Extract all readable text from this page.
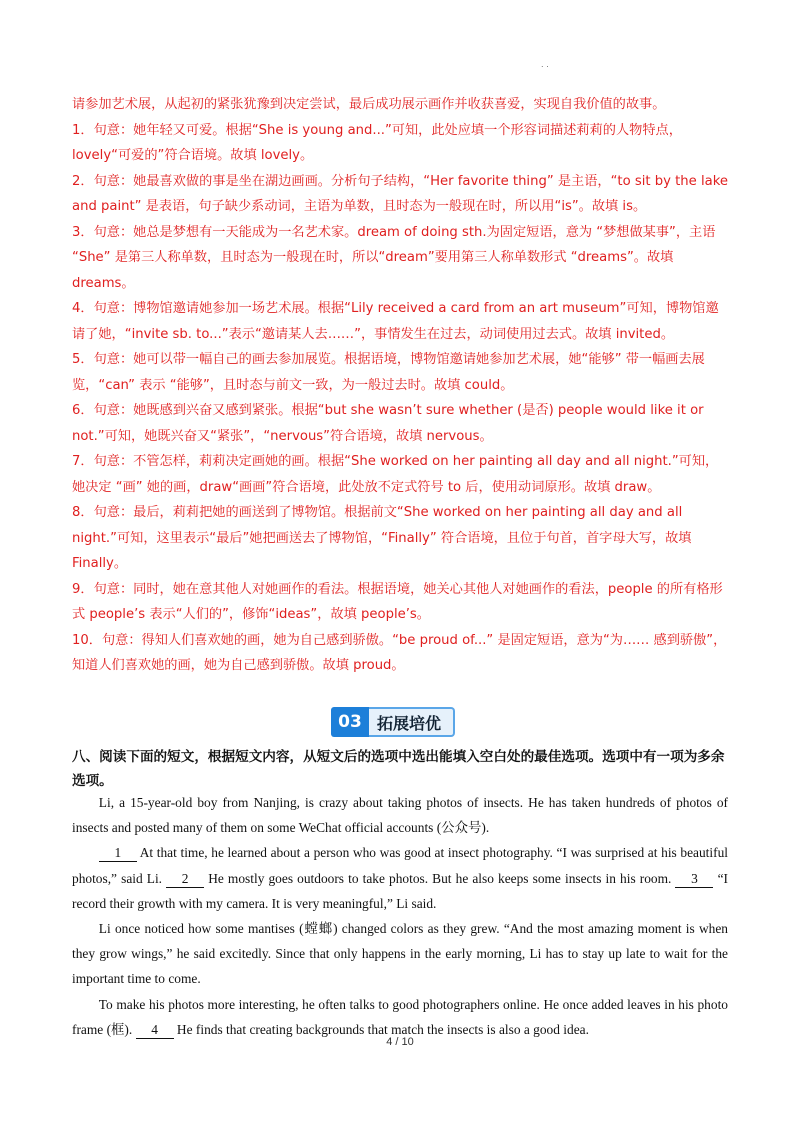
. .

请参加艺术展，从起初的紧张犹豫到决定尝试，最后成功展示画作并收获喜爱，实现自我价值的故事。

1．句意：她年轻又可爱。根据“She is young and...”可知，此处应填一个形容词描述莉莉的人物特点，lovely“可爱的”符合语境。故填 lovely。

2．句意：她最喜欢做的事是坐在湖边画画。分析句子结构，“Her favorite thing” 是主语，“to sit by the lake and paint” 是表语，句子缺少系动词，主语为单数，且时态为一般现在时，所以用“is”。故填 is。

3．句意：她总是梦想有一天能成为一名艺术家。dream of doing sth.为固定短语，意为 “梦想做某事”，主语 “She” 是第三人称单数，且时态为一般现在时，所以“dream”要用第三人称单数形式 “dreams”。故填 dreams。

4．句意：博物馆邀请她参加一场艺术展。根据“Lily received a card from an art museum”可知，博物馆邀请了她，“invite sb. to...”表示“邀请某人去……”，事情发生在过去，动词使用过去式。故填 invited。

5．句意：她可以带一幅自己的画去参加展览。根据语境，博物馆邀请她参加艺术展，她“能够” 带一幅画去展览，“can” 表示 “能够”，且时态与前文一致，为一般过去时。故填 could。

6．句意：她既感到兴奋又感到紧张。根据“but she wasn’t sure whether (是否) people would like it or not.”可知，她既兴奋又“紧张”，“nervous”符合语境，故填 nervous。

7．句意：不管怎样，莉莉决定画她的画。根据“She worked on her painting all day and all night.”可知，她决定 “画” 她的画，draw“画画”符合语境，此处放不定式符号 to 后，使用动词原形。故填 draw。

8．句意：最后，莉莉把她的画送到了博物馆。根据前文“She worked on her painting all day and all night.”可知，这里表示“最后”她把画送去了博物馆，“Finally” 符合语境，且位于句首，首字母大写，故填 Finally。

9．句意：同时，她在意其他人对她画作的看法。根据语境，她关心其他人对她画作的看法，people 的所有格形式 people’s 表示“人们的”，修饰“ideas”，故填 people’s。

10．句意：得知人们喜欢她的画，她为自己感到骄傲。“be proud of...” 是固定短语，意为“为…… 感到骄傲”，知道人们喜欢她的画，她为自己感到骄傲。故填 proud。

03 拓展培优
八、阅读下面的短文，根据短文内容，从短文后的选项中选出能填入空白处的最佳选项。选项中有一项为多余选项。

Li, a 15-year-old boy from Nanjing, is crazy about taking photos of insects. He has taken hundreds of photos of insects and posted many of them on some WeChat official accounts (公众号).

1 At that time, he learned about a person who was good at insect photography. “I was surprised at his beautiful photos,” said Li. 2 He mostly goes outdoors to take photos. But he also keeps some insects in his room. 3 “I record their growth with my camera. It is very meaningful,” Li said.

Li once noticed how some mantises (螳螂) changed colors as they grew. “And the most amazing moment is when they grow wings,” he said excitedly. Since that only happens in the early morning, Li has to stay up late to wait for the important time to come.

To make his photos more interesting, he often talks to good photographers online. He once added leaves in his photo frame (框). 4 He finds that creating backgrounds that match the insects is also a good idea.

4 / 10
